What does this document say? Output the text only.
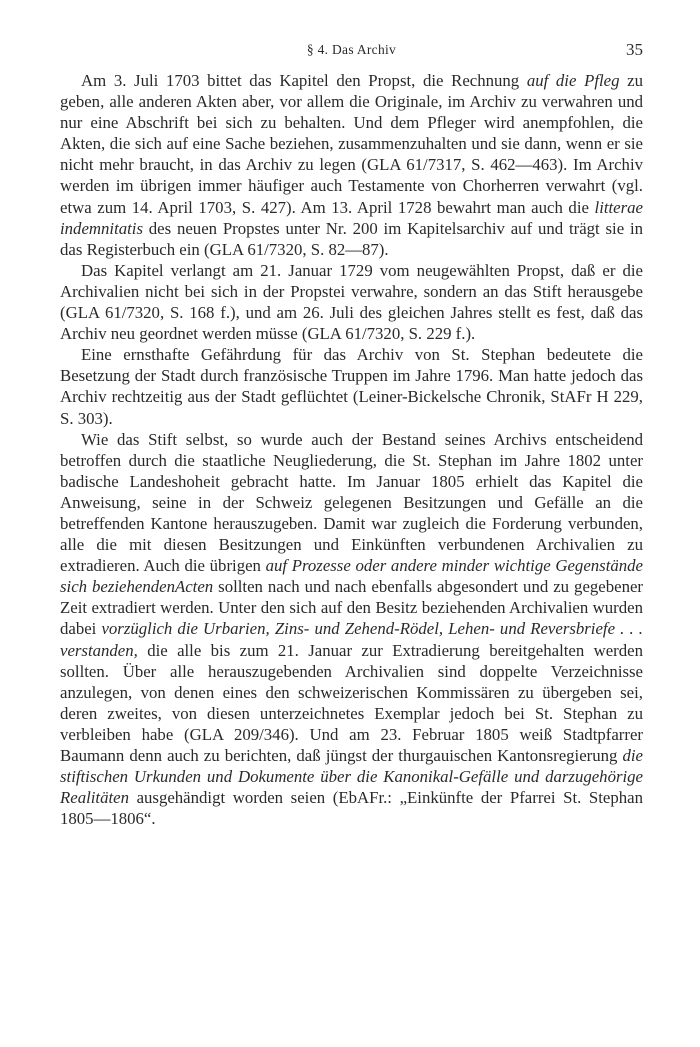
§ 4. Das Archiv	35

Am 3. Juli 1703 bittet das Kapitel den Propst, die Rechnung auf die Pfleg zu geben, alle anderen Akten aber, vor allem die Originale, im Archiv zu verwahren und nur eine Abschrift bei sich zu behalten. Und dem Pfleger wird anempfohlen, die Akten, die sich auf eine Sache beziehen, zusammenzuhalten und sie dann, wenn er sie nicht mehr braucht, in das Archiv zu legen (GLA 61/7317, S. 462—463). Im Archiv werden im übrigen immer häufiger auch Testamente von Chorherren verwahrt (vgl. etwa zum 14. April 1703, S. 427). Am 13. April 1728 bewahrt man auch die litterae indemnitatis des neuen Propstes unter Nr. 200 im Kapitelsarchiv auf und trägt sie in das Registerbuch ein (GLA 61/7320, S. 82—87).

Das Kapitel verlangt am 21. Januar 1729 vom neugewählten Propst, daß er die Archivalien nicht bei sich in der Propstei verwahre, sondern an das Stift herausgebe (GLA 61/7320, S. 168 f.), und am 26. Juli des gleichen Jahres stellt es fest, daß das Archiv neu geordnet werden müsse (GLA 61/7320, S. 229 f.).

Eine ernsthafte Gefährdung für das Archiv von St. Stephan bedeutete die Besetzung der Stadt durch französische Truppen im Jahre 1796. Man hatte jedoch das Archiv rechtzeitig aus der Stadt geflüchtet (Leiner-Bickelsche Chronik, StAFr H 229, S. 303).

Wie das Stift selbst, so wurde auch der Bestand seines Archivs entscheidend betroffen durch die staatliche Neugliederung, die St. Stephan im Jahre 1802 unter badische Landeshoheit gebracht hatte. Im Januar 1805 erhielt das Kapitel die Anweisung, seine in der Schweiz gelegenen Besitzungen und Gefälle an die betreffenden Kantone herauszugeben. Damit war zugleich die Forderung verbunden, alle die mit diesen Besitzungen und Einkünften verbundenen Archivalien zu extradieren. Auch die übrigen auf Prozesse oder andere minder wichtige Gegenstände sich beziehendenActen sollten nach und nach ebenfalls abgesondert und zu gegebener Zeit extradiert werden. Unter den sich auf den Besitz beziehenden Archivalien wurden dabei vorzüglich die Urbarien, Zins- und Zehend-Rödel, Lehen- und Reversbriefe . . . verstanden, die alle bis zum 21. Januar zur Extradierung bereitgehalten werden sollten. Über alle herauszugebenden Archivalien sind doppelte Verzeichnisse anzulegen, von denen eines den schweizerischen Kommissären zu übergeben sei, deren zweites, von diesen unterzeichnetes Exemplar jedoch bei St. Stephan zu verbleiben habe (GLA 209/346). Und am 23. Februar 1805 weiß Stadtpfarrer Baumann denn auch zu berichten, daß jüngst der thurgauischen Kantonsregierung die stiftischen Urkunden und Dokumente über die Kanonikal-Gefälle und darzugehörige Realitäten ausgehändigt worden seien (EbAFr.: „Einkünfte der Pfarrei St. Stephan 1805—1806“.
